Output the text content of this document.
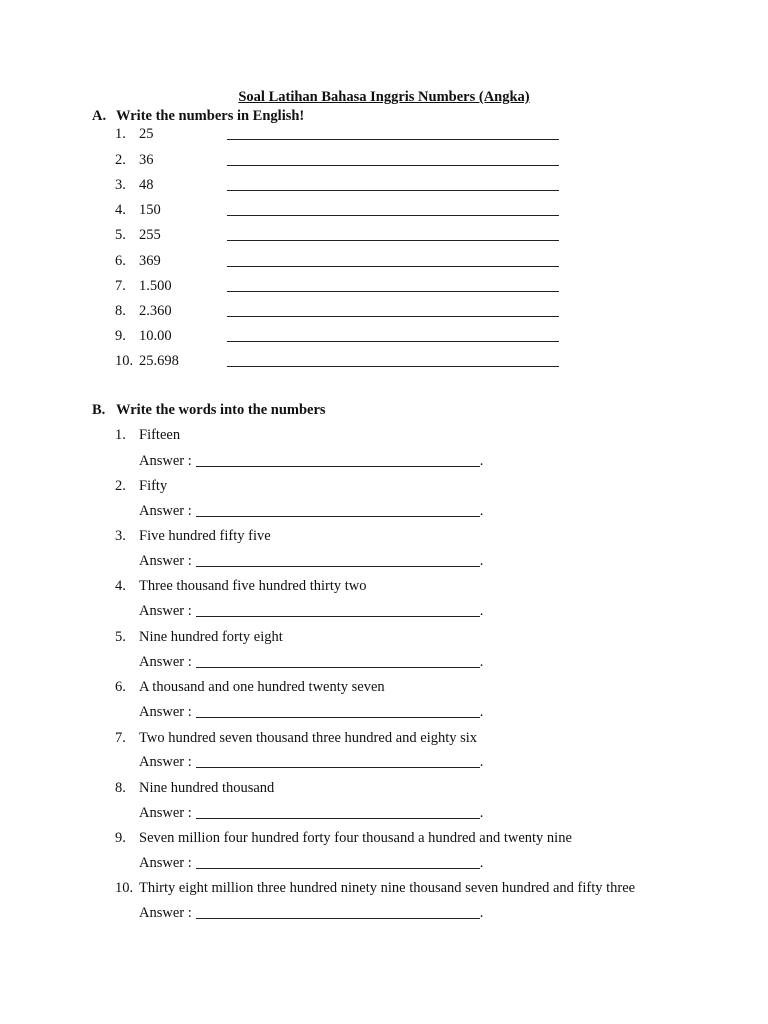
Soal Latihan Bahasa Inggris Numbers (Angka)
A. Write the numbers in English!
1. 25
2. 36
3. 48
4. 150
5. 255
6. 369
7. 1.500
8. 2.360
9. 10.00
10. 25.698
B. Write the words into the numbers
1. Fifteen
Answer :	.
2. Fifty
Answer :	.
3. Five hundred fifty five
Answer :	.
4. Three thousand five hundred thirty two
Answer :	.
5. Nine hundred forty eight
Answer :	.
6. A thousand and one hundred twenty seven
Answer :	.
7. Two hundred seven thousand three hundred and eighty six
Answer :	.
8. Nine hundred thousand
Answer :	.
9. Seven million four hundred forty four thousand a hundred and twenty nine
Answer :	.
10. Thirty eight million three hundred ninety nine thousand seven hundred and fifty three
Answer :	.
